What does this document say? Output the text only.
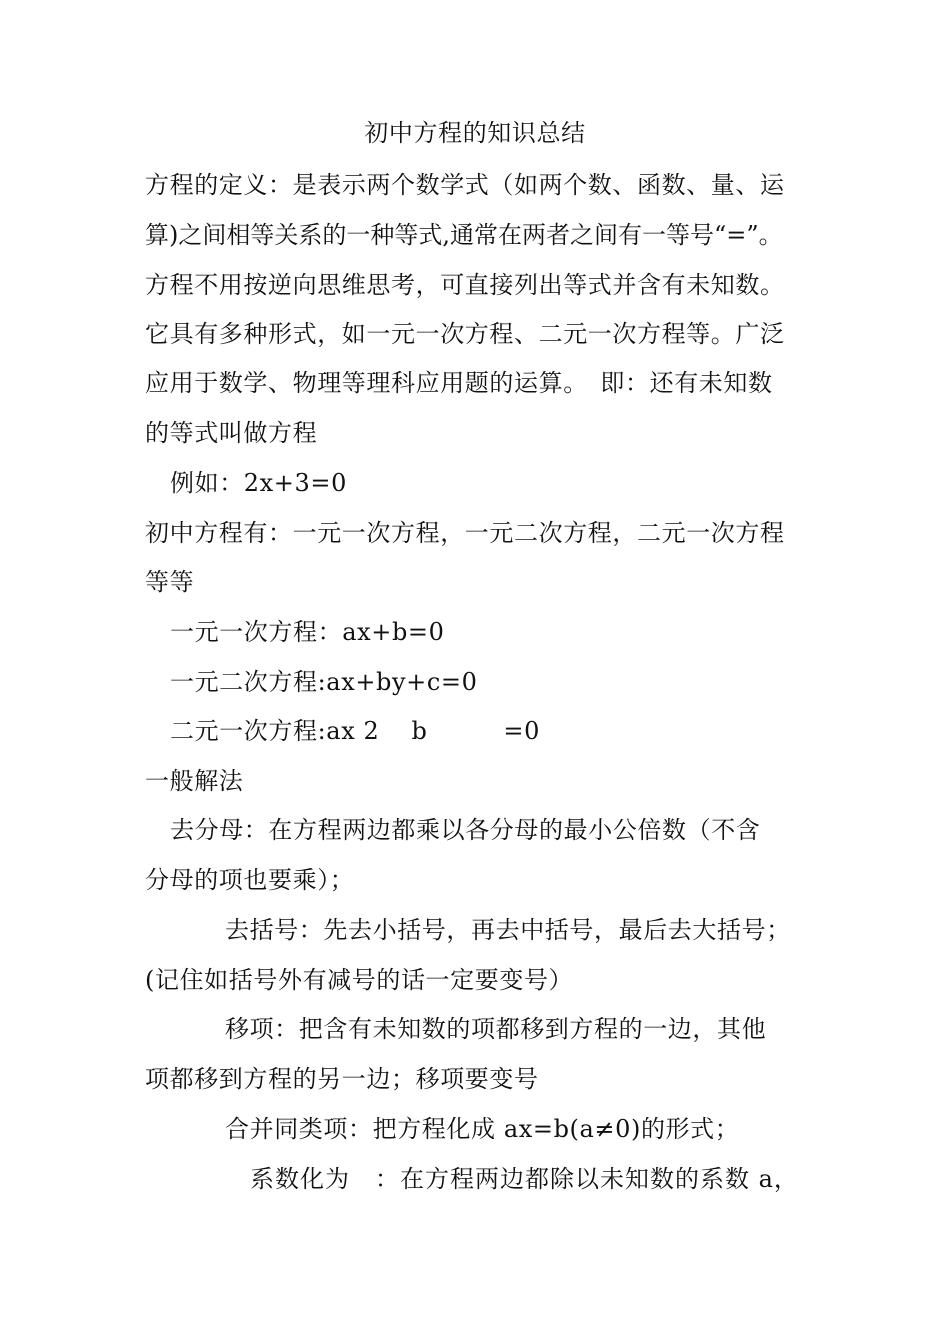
初中方程的知识总结
方程的定义：是表示两个数学式（如两个数、函数、量、运
算)之间相等关系的一种等式,通常在两者之间有一等号“=”。
方程不用按逆向思维思考，可直接列出等式并含有未知数。
它具有多种形式，如一元一次方程、二元一次方程等。广泛
应用于数学、物理等理科应用题的运算。　即：还有未知数
的等式叫做方程
例如：2x+3=0
初中方程有：一元一次方程，一元二次方程，二元一次方程
等等
一元一次方程：ax+b=0
一元二次方程:ax+by+c=0
二元一次方程:ax 2 b	=0
一般解法
去分母：在方程两边都乘以各分母的最小公倍数（不含
分母的项也要乘）；
去括号：先去小括号，再去中括号，最后去大括号；
(记住如括号外有减号的话一定要变号）
移项：把含有未知数的项都移到方程的一边，其他
项都移到方程的另一边；移项要变号
合并同类项：把方程化成 ax=b(a≠0)的形式；
系数化为　：在方程两边都除以未知数的系数 a，
